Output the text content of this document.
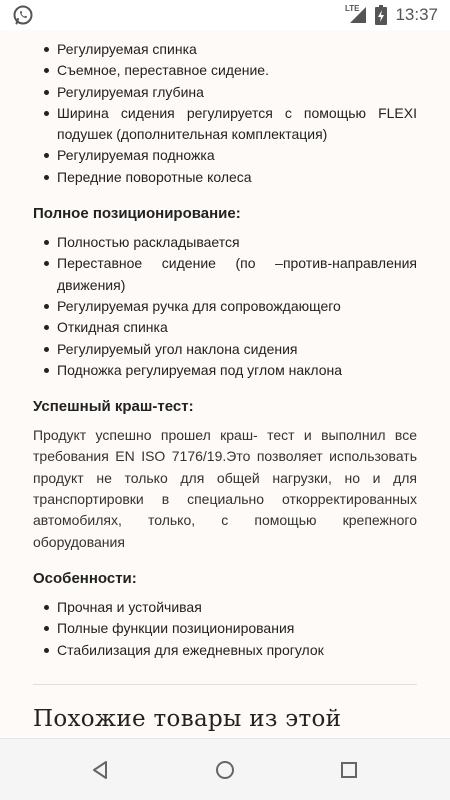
LTE 13:37
Регулируемая спинка
Съемное, переставное сидение.
Регулируемая глубина
Ширина сидения регулируется с помощью FLEXI подушек (дополнительная комплектация)
Регулируемая подножка
Передние поворотные колеса
Полное позиционирование:
Полностью раскладывается
Переставное сидение (по –против-направления движения)
Регулируемая ручка для сопровождающего
Откидная спинка
Регулируемый угол наклона сидения
Подножка регулируемая под углом наклона
Успешный краш-тест:

Продукт успешно прошел краш- тест и выполнил все требования EN ISO 7176/19.Это позволяет использовать продукт не только для общей нагрузки, но и для транспортировки в специально откорректированных автомобилях, только, с помощью крепежного оборудования

Особенности:
Прочная и устойчивая
Полные функции позиционирования
Стабилизация для ежедневных прогулок
Похожие товары из этой
